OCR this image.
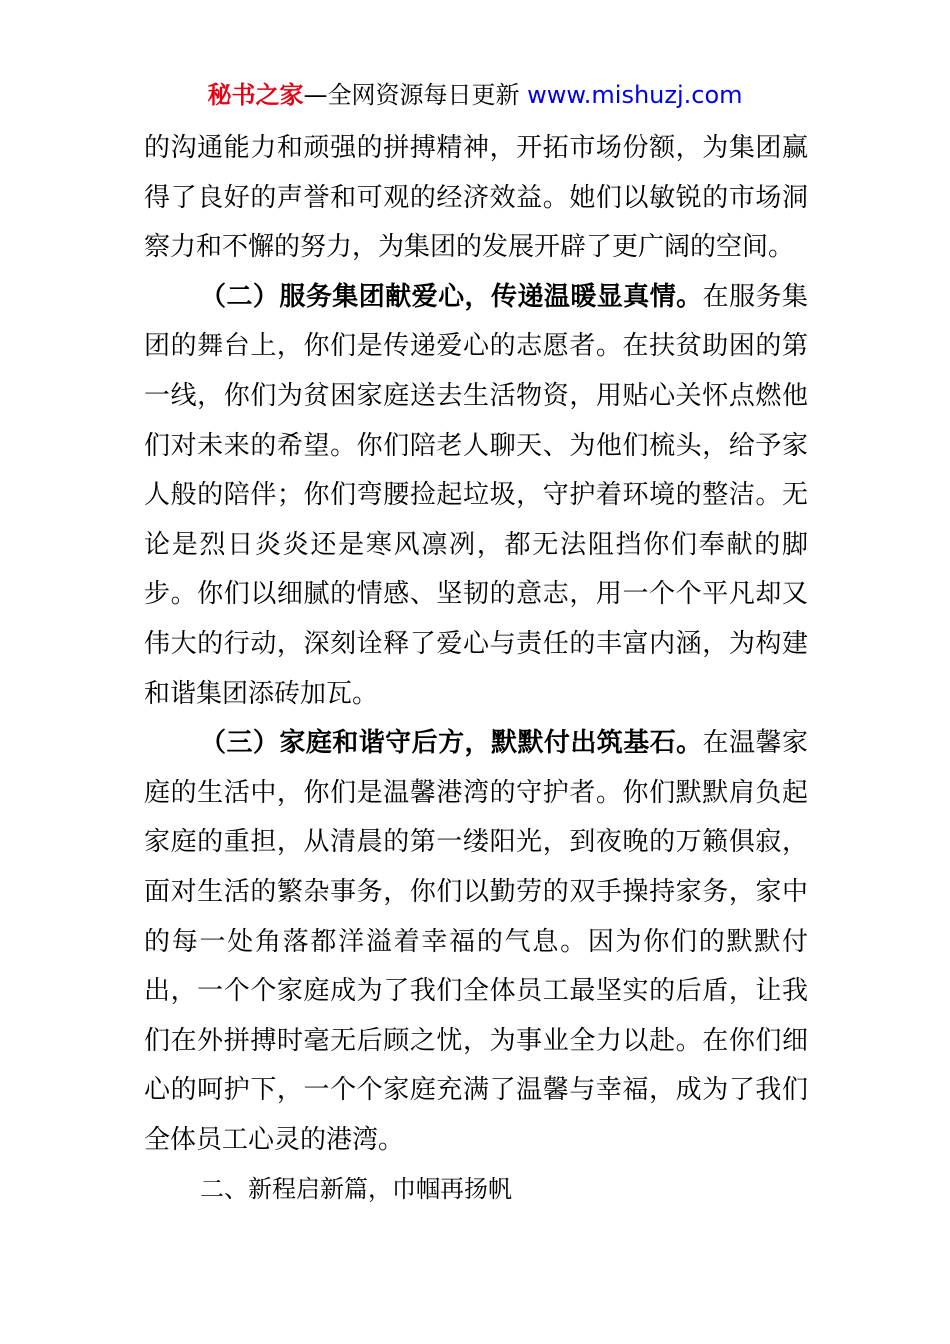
秘书之家—全网资源每日更新 www.mishuzj.com
的沟通能力和顽强的拼搏精神，开拓市场份额，为集团赢
得了良好的声誉和可观的经济效益。她们以敏锐的市场洞
察力和不懈的努力，为集团的发展开辟了更广阔的空间。
（二）服务集团献爱心，传递温暖显真情。在服务集
团的舞台上，你们是传递爱心的志愿者。在扶贫助困的第
一线，你们为贫困家庭送去生活物资，用贴心关怀点燃他
们对未来的希望。你们陪老人聊天、为他们梳头，给予家
人般的陪伴；你们弯腰捡起垃圾，守护着环境的整洁。无
论是烈日炎炎还是寒风凛冽，都无法阻挡你们奉献的脚
步。你们以细腻的情感、坚韧的意志，用一个个平凡却又
伟大的行动，深刻诠释了爱心与责任的丰富内涵，为构建
和谐集团添砖加瓦。
（三）家庭和谐守后方，默默付出筑基石。在温馨家
庭的生活中，你们是温馨港湾的守护者。你们默默肩负起
家庭的重担，从清晨的第一缕阳光，到夜晚的万籁俱寂，
面对生活的繁杂事务，你们以勤劳的双手操持家务，家中
的每一处角落都洋溢着幸福的气息。因为你们的默默付
出，一个个家庭成为了我们全体员工最坚实的后盾，让我
们在外拼搏时毫无后顾之忧，为事业全力以赴。在你们细
心的呵护下，一个个家庭充满了温馨与幸福，成为了我们
全体员工心灵的港湾。
二、新程启新篇，巾帼再扬帆
